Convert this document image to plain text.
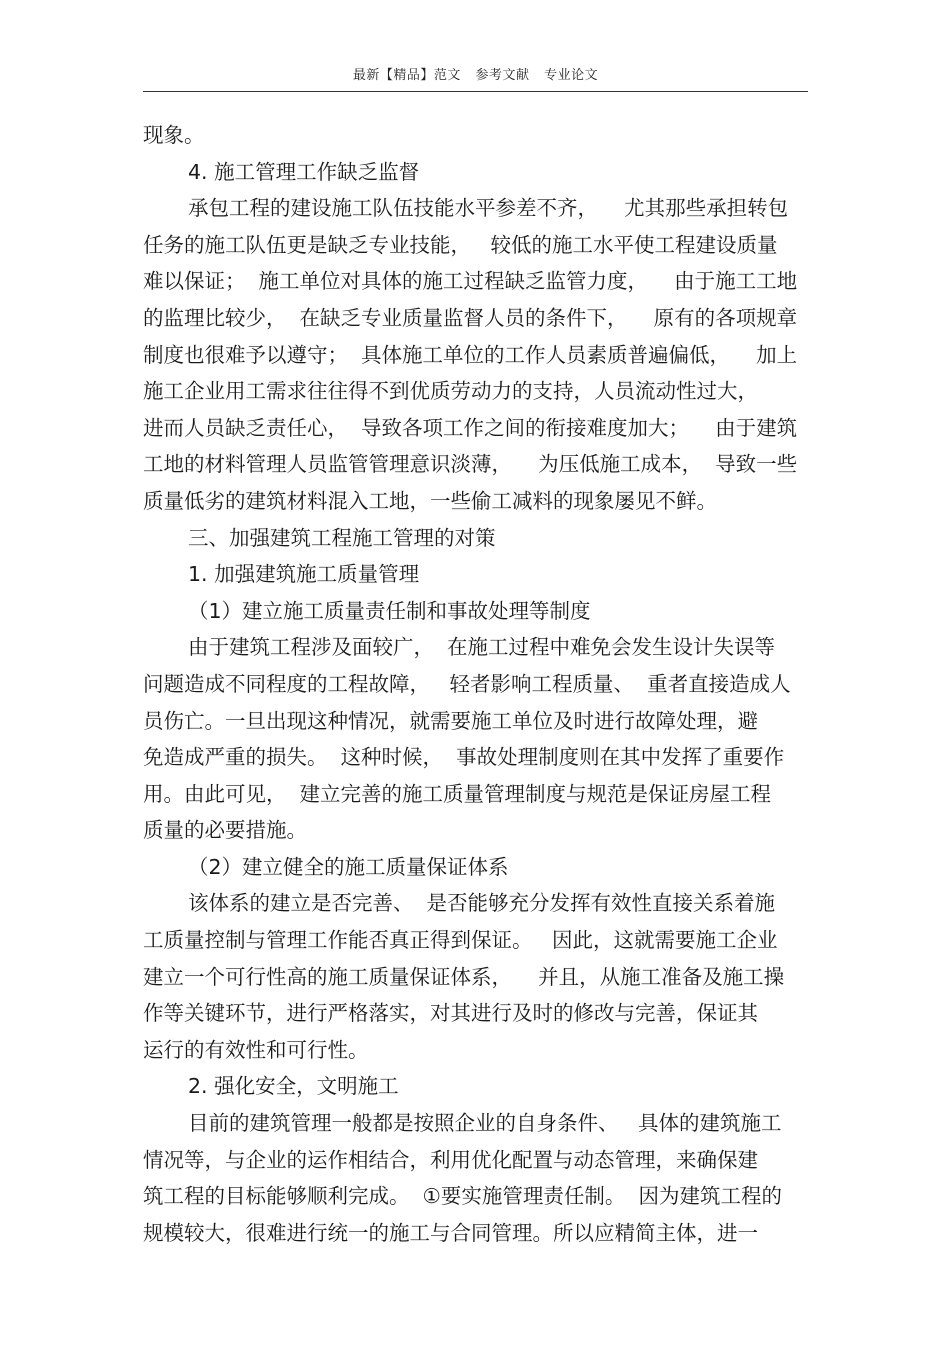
最新【精品】范文 参考文献 专业论文
现象。
4. 施工管理工作缺乏监督
承包工程的建设施工队伍技能水平参差不齐，    尤其那些承担转包
任务的施工队伍更是缺乏专业技能，   较低的施工水平使工程建设质量
难以保证；  施工单位对具体的施工过程缺乏监管力度，    由于施工工地
的监理比较少，  在缺乏专业质量监督人员的条件下，    原有的各项规章
制度也很难予以遵守；  具体施工单位的工作人员素质普遍偏低，    加上
施工企业用工需求往往得不到优质劳动力的支持，人员流动性过大，
进而人员缺乏责任心，  导致各项工作之间的衔接难度加大；    由于建筑
工地的材料管理人员监管管理意识淡薄，    为压低施工成本，  导致一些
质量低劣的建筑材料混入工地，一些偷工减料的现象屡见不鲜。
三、加强建筑工程施工管理的对策
1. 加强建筑施工质量管理
（1）建立施工质量责任制和事故处理等制度
由于建筑工程涉及面较广，  在施工过程中难免会发生设计失误等
问题造成不同程度的工程故障，   轻者影响工程质量、  重者直接造成人
员伤亡。一旦出现这种情况，就需要施工单位及时进行故障处理，避
免造成严重的损失。  这种时候，  事故处理制度则在其中发挥了重要作
用。由此可见，  建立完善的施工质量管理制度与规范是保证房屋工程
质量的必要措施。
（2）建立健全的施工质量保证体系
该体系的建立是否完善、  是否能够充分发挥有效性直接关系着施
工质量控制与管理工作能否真正得到保证。   因此，这就需要施工企业
建立一个可行性高的施工质量保证体系，    并且，从施工准备及施工操
作等关键环节，进行严格落实，对其进行及时的修改与完善，保证其
运行的有效性和可行性。
2. 强化安全，文明施工
目前的建筑管理一般都是按照企业的自身条件、   具体的建筑施工
情况等，与企业的运作相结合，利用优化配置与动态管理，来确保建
筑工程的目标能够顺利完成。  ①要实施管理责任制。  因为建筑工程的
规模较大，很难进行统一的施工与合同管理。所以应精简主体，进一
